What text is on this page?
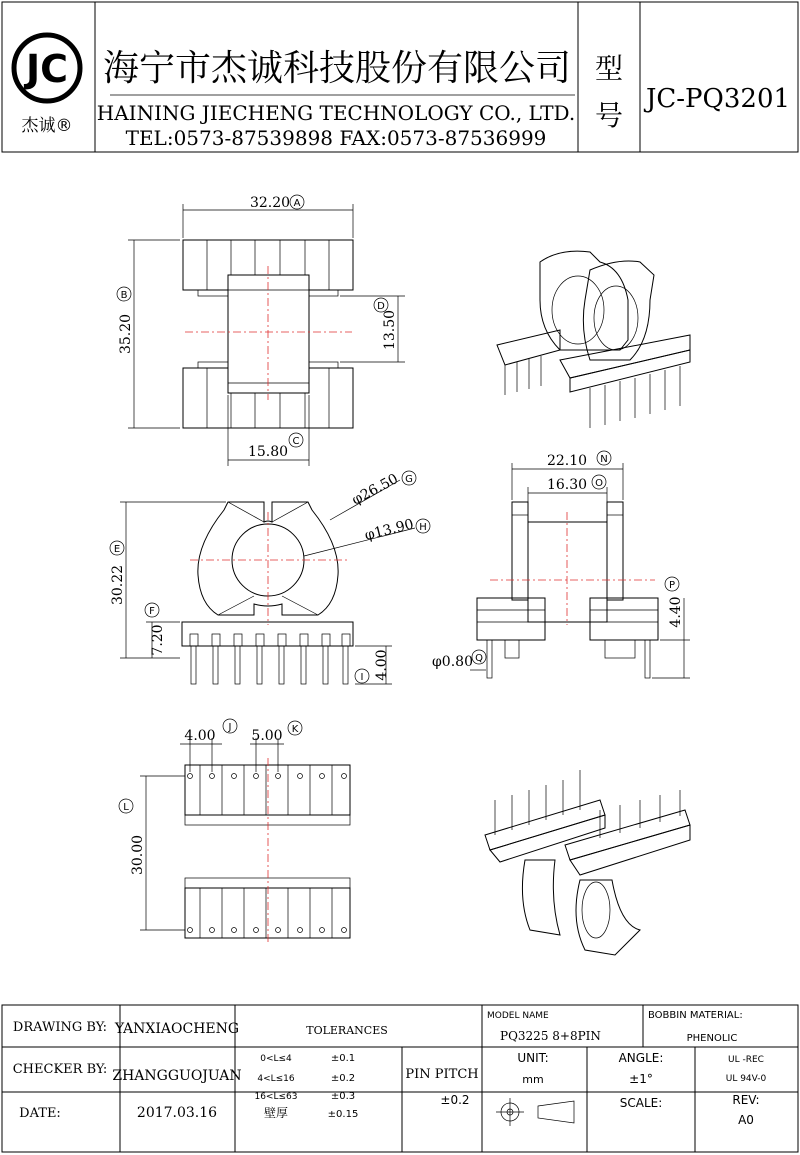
JC
杰诚®
海宁市杰诚科技股份有限公司
HAINING JIECHENG TECHNOLOGY CO., LTD.
TEL:0573-87539898 FAX:0573-87536999
型
号 JC-PQ3201
32.20
35.20	13.50
15.80
30.22
7.20
4.00
φ26.50
φ13.90
22.10
16.30
4.40
φ0.80
30.00
4.00	5.00
A
B
C
D
E
F
G
H
I
J	K
L
N
O
P
Q
DRAWING BY: YANXIAOCHENG
CHECKER BY: ZHANGGUOJUAN
DATE:	2017.03.16
TOLERANCES
0<L≤4	±0.1
4<L≤16	±0.2
16<L≤63	±0.3
壁厚	±0.15
PIN PITCH
±0.2
MODEL NAME
PQ3225 8+8PIN
BOBBIN MATERIAL:
PHENOLIC
UNIT:
mm
ANGLE:
±1°
UL -REC
UL 94V-0
SCALE:	REV:
A0
